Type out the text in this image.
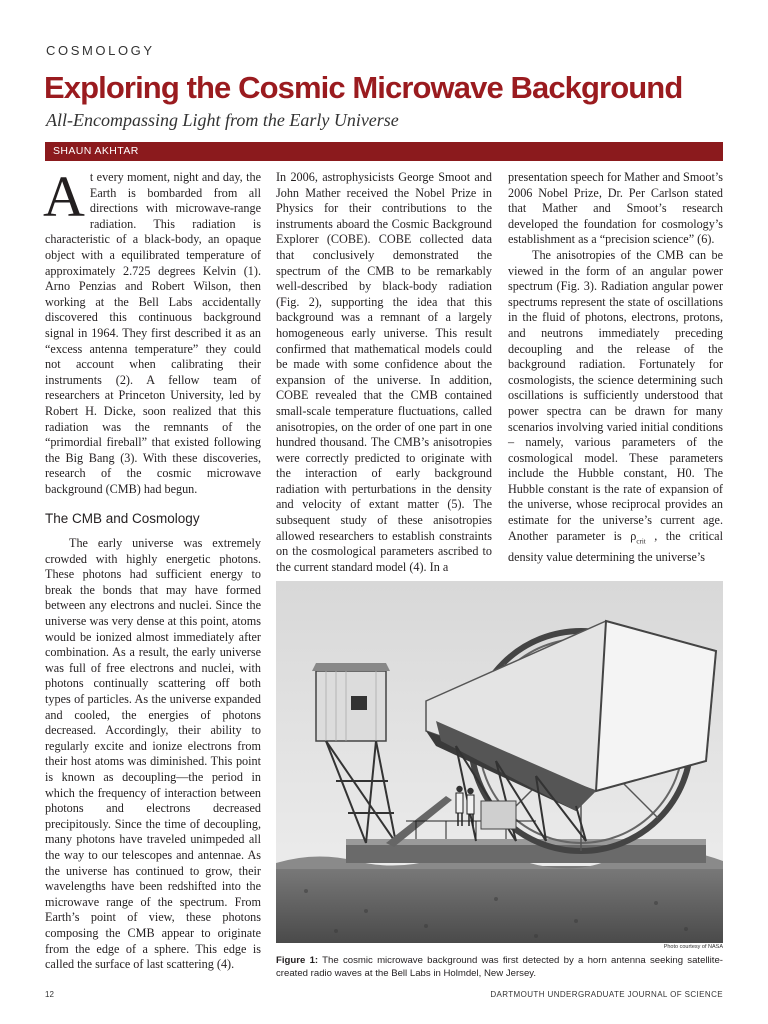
COSMOLOGY
Exploring the Cosmic Microwave Background
All-Encompassing Light from the Early Universe
SHAUN AKHTAR

At every moment, night and day, the Earth is bombarded from all directions with microwave-range radiation. This radiation is characteristic of a black-body, an opaque object with a equilibrated temperature of approximately 2.725 degrees Kelvin (1). Arno Penzias and Robert Wilson, then working at the Bell Labs accidentally discovered this continuous background signal in 1964. They first described it as an “excess antenna temperature” they could not account when calibrating their instruments (2). A fellow team of researchers at Princeton University, led by Robert H. Dicke, soon realized that this radiation was the remnants of the “primordial fireball” that existed following the Big Bang (3). With these discoveries, research of the cosmic microwave background (CMB) had begun.

The CMB and Cosmology

The early universe was extremely crowded with highly energetic photons. These photons had sufficient energy to break the bonds that may have formed between any electrons and nuclei. Since the universe was very dense at this point, atoms would be ionized almost immediately after combination. As a result, the early universe was full of free electrons and nuclei, with photons continually scattering off both types of particles. As the universe expanded and cooled, the energies of photons decreased. Accordingly, their ability to regularly excite and ionize electrons from their host atoms was diminished. This point is known as decoupling—the period in which the frequency of interaction between photons and electrons decreased precipitously. Since the time of decoupling, many photons have traveled unimpeded all the way to our telescopes and antennae. As the universe has continued to grow, their wavelengths have been redshifted into the microwave range of the spectrum. From Earth’s point of view, these photons composing the CMB appear to originate from the edge of a sphere. This edge is called the surface of last scattering (4).

In 2006, astrophysicists George Smoot and John Mather received the Nobel Prize in Physics for their contributions to the instruments aboard the Cosmic Background Explorer (COBE). COBE collected data that conclusively demonstrated the spectrum of the CMB to be remarkably well-described by black-body radiation (Fig. 2), supporting the idea that this background was a remnant of a largely homogeneous early universe. This result confirmed that mathematical models could be made with some confidence about the expansion of the universe. In addition, COBE revealed that the CMB contained small-scale temperature fluctuations, called anisotropies, on the order of one part in one hundred thousand. The CMB’s anisotropies were correctly predicted to originate with the interaction of early background radiation with perturbations in the density and velocity of extant matter (5). The subsequent study of these anisotropies allowed researchers to establish constraints on the cosmological parameters ascribed to the current standard model (4). In a

presentation speech for Mather and Smoot’s 2006 Nobel Prize, Dr. Per Carlson stated that Mather and Smoot’s research developed the foundation for cosmology’s establishment as a “precision science” (6).

The anisotropies of the CMB can be viewed in the form of an angular power spectrum (Fig. 3). Radiation angular power spectrums represent the state of oscillations in the fluid of photons, electrons, protons, and neutrons immediately preceding decoupling and the release of the background radiation. Fortunately for cosmologists, the science determining such oscillations is sufficiently understood that power spectra can be drawn for many scenarios involving varied initial conditions – namely, various parameters of the cosmological model. These parameters include the Hubble constant, H0. The Hubble constant is the rate of expansion of the universe, whose reciprocal provides an estimate for the universe’s current age. Another parameter is $\rho_{crit}$ , the critical density value determining the universe’s

Photo courtesy of NASA
Figure 1: The cosmic microwave background was first detected by a horn antenna seeking satellite-created radio waves at the Bell Labs in Holmdel, New Jersey.
12	DARTMOUTH UNDERGRADUATE JOURNAL OF SCIENCE
